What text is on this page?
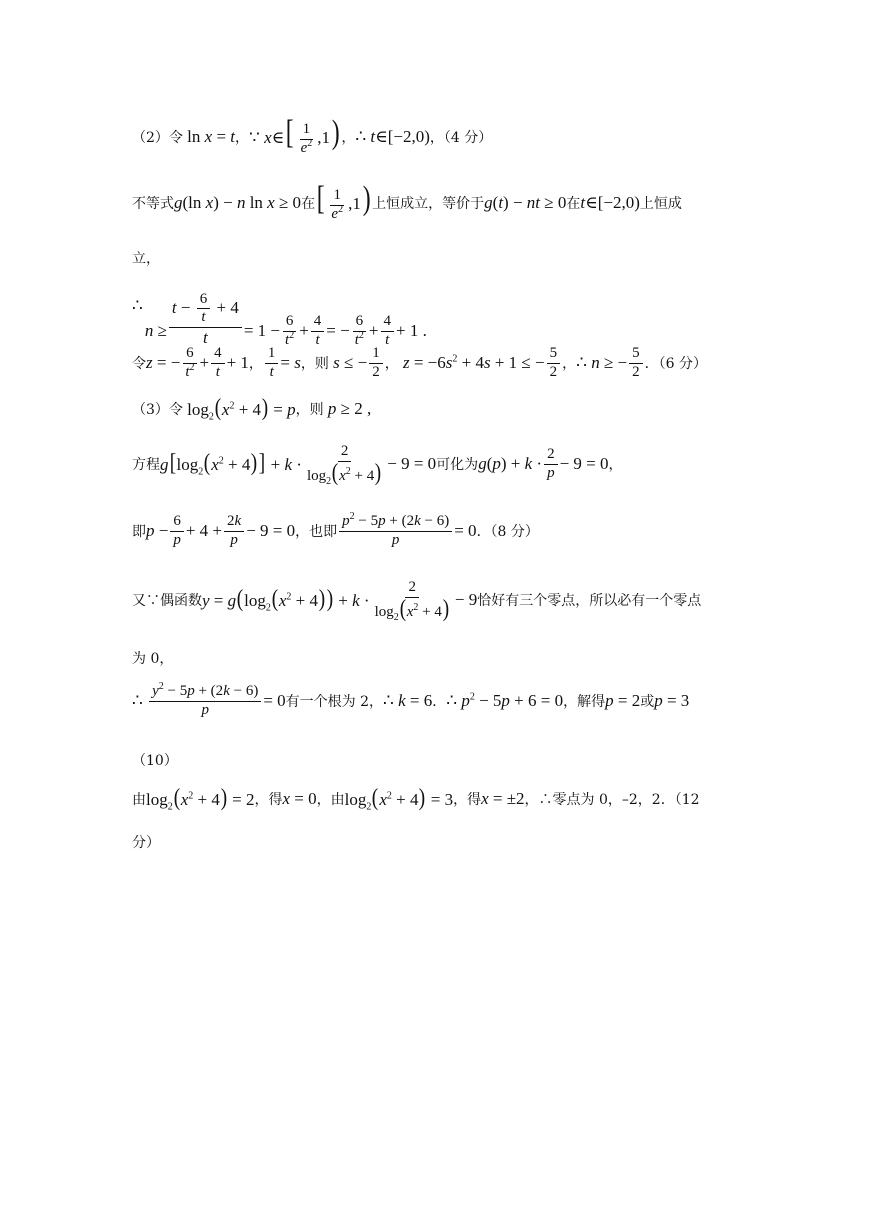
（2）令 ln x = t ， ∵ x∈[ $\frac{1}{e^2} ,1$) ， ∴ t∈[−2,0) ，（4 分）
不等式 g(ln x) − n ln x ≥ 0 在 [ $\frac{1}{e^2} ,1$) 上恒成立，等价于 g(t) − nt ≥ 0 在 t∈[−2,0) 上恒成
立，
∴
n
≥ $\frac{t - \frac{6}{t} + 4}{t} = 1 - \frac{6}{t^2} + \frac{4}{t}$ = − $\frac{6}{t^2} + \frac{4}{t} + 1$ .
令 z = − $\frac{6}{t^2} + \frac{4}{t} + 1$ ， $\frac{1}{t} = s$ ，则 s ≤ − $\frac{1}{2}$ ， $z = -6s^2 + 4s + 1$ ≤ − $\frac{5}{2}$ ， ∴ n ≥ − $\frac{5}{2}$ ．（6 分）
（3）令 $\log_2(x^2 + 4) = p$ ，则 p ≥ 2 ,
方程 $g[\log_2(x^2 + 4)] + k \cdot \frac{2}{\log_2(x^2 + 4)} - 9 = 0$ 可化为 $g(p) + k \cdot \frac{2}{p} - 9 = 0$ ，
即 $p - \frac{6}{p} + 4 + \frac{2k}{p} - 9 = 0$ ，也即 $\frac{p^2 - 5p + (2k - 6)}{p} = 0$ ．（8 分）
又∵偶函数 $y = g(\log_2(x^2 + 4)) + k \cdot \frac{2}{\log_2(x^2 + 4)} - 9$ 恰好有三个零点，所以必有一个零点
为 0，
∴ $\frac{y^2 - 5p + (2k - 6)}{p} = 0$ 有一个根为 2， ∴ k = 6 ． ∴ $p^2 - 5p + 6 = 0$ ，解得 p = 2 或 p = 3
（10）
由 $\log_2(x^2 + 4) = 2$ ，得 x = 0 ，由 $\log_2(x^2 + 4) = 3$ ，得 x = ±2 ，∴零点为 0，–2，2．（12
分）
